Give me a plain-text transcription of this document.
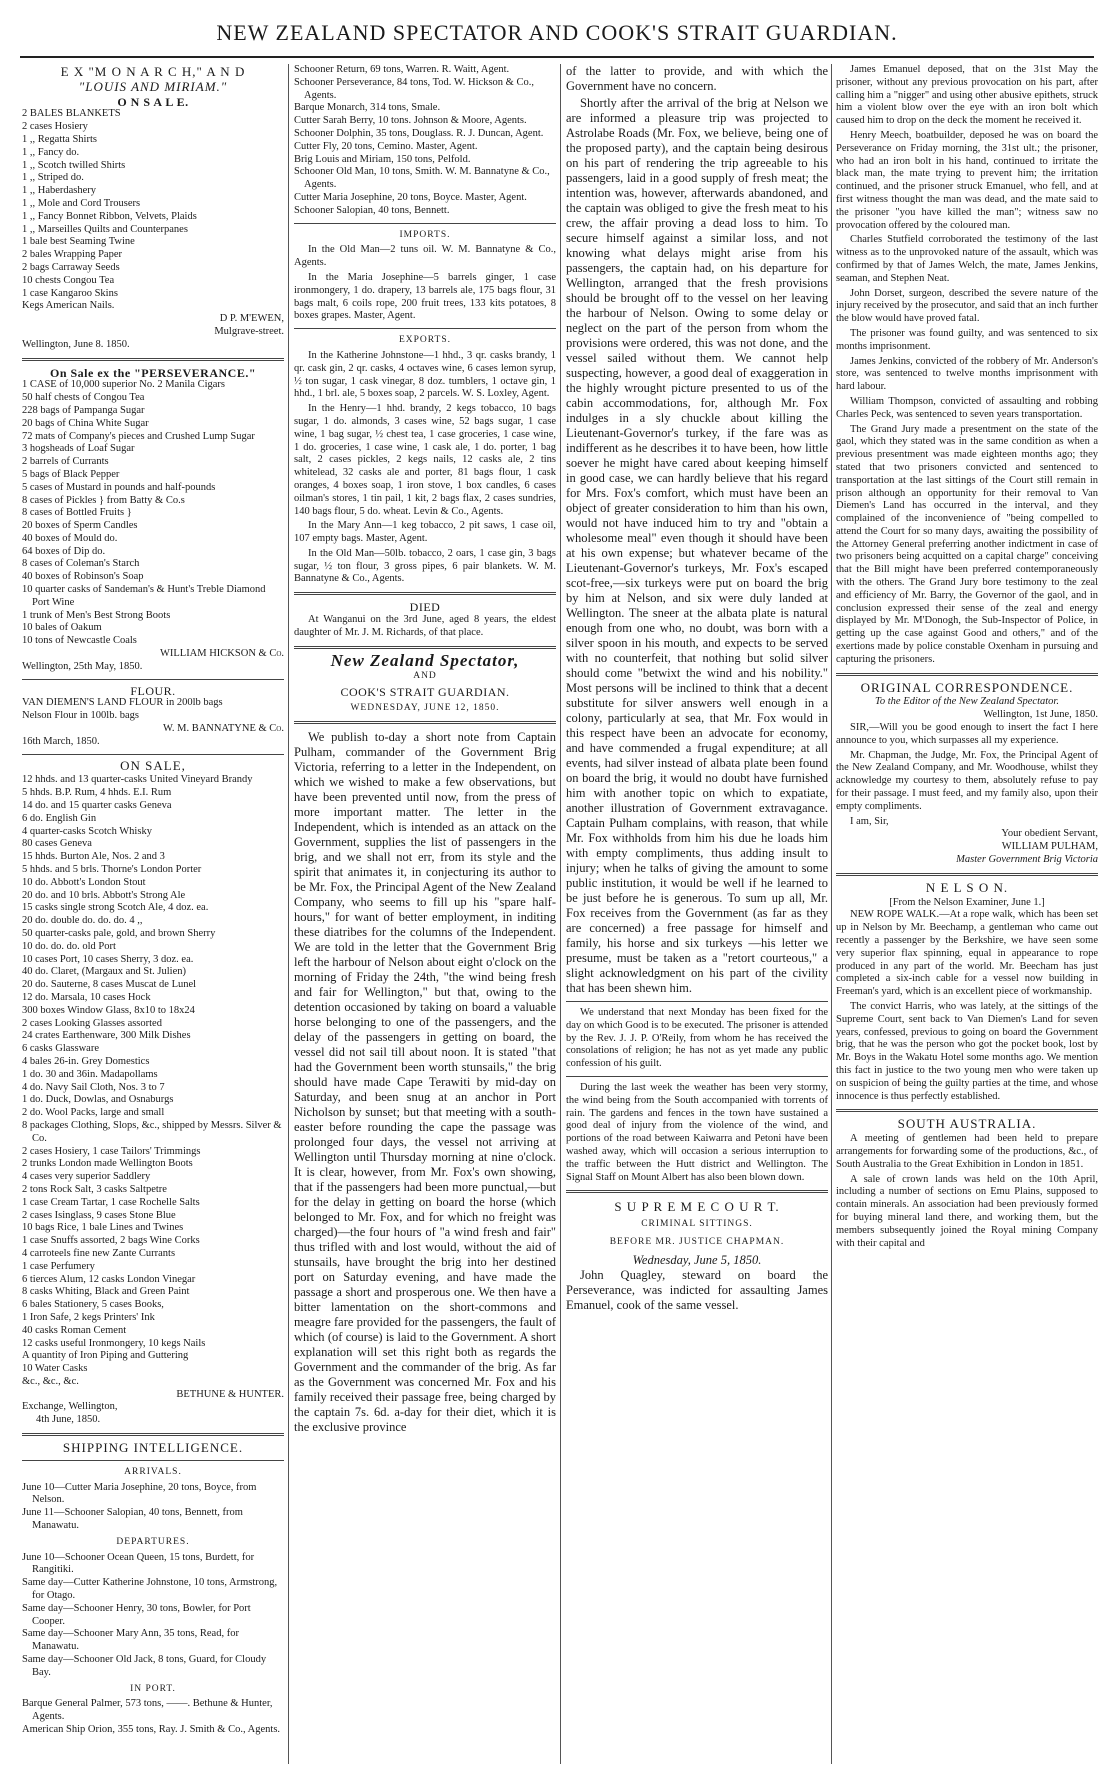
NEW ZEALAND SPECTATOR AND COOK'S STRAIT GUARDIAN.
E X "M O N A R C H," A N D
"LOUIS AND MIRIAM."
O N S A L E.
2 BALES BLANKETS
2 cases Hosiery
1 ,, Regatta Shirts
1 ,, Fancy do.
1 ,, Scotch twilled Shirts
1 ,, Striped do.
1 ,, Haberdashery
1 ,, Mole and Cord Trousers
1 ,, Fancy Bonnet Ribbon, Velvets, Plaids
1 ,, Marseilles Quilts and Counterpanes
1 bale best Seaming Twine
2 bales Wrapping Paper
2 bags Carraway Seeds
10 chests Congou Tea
1 case Kangaroo Skins
Kegs American Nails.
D P. M'EWEN,
Mulgrave-street.
Wellington, June 8. 1850.
On Sale ex the "PERSEVERANCE."
1 CASE of 10,000 superior No. 2 Manila Cigars
50 half chests of Congou Tea
228 bags of Pampanga Sugar
20 bags of China White Sugar
72 mats of Company's pieces and Crushed Lump Sugar
3 hogsheads of Loaf Sugar
2 barrels of Currants
5 bags of Black Pepper
5 cases of Mustard in pounds and half-pounds
8 cases of Pickles } from Batty & Co.s
8 cases of Bottled Fruits }
20 boxes of Sperm Candles
40 boxes of Mould do.
64 boxes of Dip do.
8 cases of Coleman's Starch
40 boxes of Robinson's Soap
10 quarter casks of Sandeman's & Hunt's Treble Diamond Port Wine
1 trunk of Men's Best Strong Boots
10 bales of Oakum
10 tons of Newcastle Coals
WILLIAM HICKSON & Co.
Wellington, 25th May, 1850.
FLOUR.
VAN DIEMEN'S LAND FLOUR in 200lb bags
Nelson Flour in 100lb. bags
W. M. BANNATYNE & Co.
16th March, 1850.
ON SALE,
12 hhds. and 13 quarter-casks United Vineyard Brandy
5 hhds. B.P. Rum, 4 hhds. E.I. Rum
14 do. and 15 quarter casks Geneva
6 do. English Gin
4 quarter-casks Scotch Whisky
80 cases Geneva
15 hhds. Burton Ale, Nos. 2 and 3
5 hhds. and 5 brls. Thorne's London Porter
10 do. Abbott's London Stout
20 do. and 10 brls. Abbott's Strong Ale
15 casks single strong Scotch Ale, 4 doz. ea.
20 do. double do. do. do. 4 ,,
50 quarter-casks pale, gold, and brown Sherry
10 do. do. do. old Port
10 cases Port, 10 cases Sherry, 3 doz. ea.
40 do. Claret, (Margaux and St. Julien)
20 do. Sauterne, 8 cases Muscat de Lunel
12 do. Marsala, 10 cases Hock
300 boxes Window Glass, 8x10 to 18x24
2 cases Looking Glasses assorted
24 crates Earthenware, 300 Milk Dishes
6 casks Glassware
4 bales 26-in. Grey Domestics
1 do. 30 and 36in. Madapollams
4 do. Navy Sail Cloth, Nos. 3 to 7
1 do. Duck, Dowlas, and Osnaburgs
2 do. Wool Packs, large and small
8 packages Clothing, Slops, &c., shipped by Messrs. Silver & Co.
2 cases Hosiery, 1 case Tailors' Trimmings
2 trunks London made Wellington Boots
4 cases very superior Saddlery
2 tons Rock Salt, 3 casks Saltpetre
1 case Cream Tartar, 1 case Rochelle Salts
2 cases Isinglass, 9 cases Stone Blue
10 bags Rice, 1 bale Lines and Twines
1 case Snuffs assorted, 2 bags Wine Corks
4 carroteels fine new Zante Currants
1 case Perfumery
6 tierces Alum, 12 casks London Vinegar
8 casks Whiting, Black and Green Paint
6 bales Stationery, 5 cases Books,
1 Iron Safe, 2 kegs Printers' Ink
40 casks Roman Cement
12 casks useful Ironmongery, 10 kegs Nails
A quantity of Iron Piping and Guttering
10 Water Casks
&c., &c., &c.
BETHUNE & HUNTER.
Exchange, Wellington,
4th June, 1850.
SHIPPING INTELLIGENCE.
ARRIVALS.
June 10—Cutter Maria Josephine, 20 tons, Boyce, from Nelson.
June 11—Schooner Salopian, 40 tons, Bennett, from Manawatu.
DEPARTURES.
June 10—Schooner Ocean Queen, 15 tons, Burdett, for Rangitiki.
Same day—Cutter Katherine Johnstone, 10 tons, Armstrong, for Otago.
Same day—Schooner Henry, 30 tons, Bowler, for Port Cooper.
Same day—Schooner Mary Ann, 35 tons, Read, for Manawatu.
Same day—Schooner Old Jack, 8 tons, Guard, for Cloudy Bay.
IN PORT.
Barque General Palmer, 573 tons, ——. Bethune & Hunter, Agents.
American Ship Orion, 355 tons, Ray. J. Smith & Co., Agents.
Schooner Return, 69 tons, Warren. R. Waitt, Agent.
Schooner Perseverance, 84 tons, Tod. W. Hickson & Co., Agents.
Barque Monarch, 314 tons, Smale.
Cutter Sarah Berry, 10 tons. Johnson & Moore, Agents.
Schooner Dolphin, 35 tons, Douglass. R. J. Duncan, Agent.
Cutter Fly, 20 tons, Cemino. Master, Agent.
Brig Louis and Miriam, 150 tons, Pelfold.
Schooner Old Man, 10 tons, Smith. W. M. Bannatyne & Co., Agents.
Cutter Maria Josephine, 20 tons, Boyce. Master, Agent.
Schooner Salopian, 40 tons, Bennett.
IMPORTS.
In the Old Man—2 tuns oil. W. M. Bannatyne & Co., Agents.
In the Maria Josephine—5 barrels ginger, 1 case ironmongery, 1 do. drapery, 13 barrels ale, 175 bags flour, 31 bags malt, 6 coils rope, 200 fruit trees, 133 kits potatoes, 8 boxes grapes. Master, Agent.
EXPORTS.
In the Katherine Johnstone—1 hhd., 3 qr. casks brandy, 1 qr. cask gin, 2 qr. casks, 4 octaves wine, 6 cases lemon syrup, ½ ton sugar, 1 cask vinegar, 8 doz. tumblers, 1 octave gin, 1 hhd., 1 brl. ale, 5 boxes soap, 2 parcels. W. S. Loxley, Agent.
In the Henry—1 hhd. brandy, 2 kegs tobacco, 10 bags sugar, 1 do. almonds, 3 cases wine, 52 bags sugar, 1 case wine, 1 bag sugar, ½ chest tea, 1 case groceries, 1 case wine, 1 do. groceries, 1 case wine, 1 cask ale, 1 do. porter, 1 bag salt, 2 cases pickles, 2 kegs nails, 12 casks ale, 2 tins whitelead, 32 casks ale and porter, 81 bags flour, 1 cask oranges, 4 boxes soap, 1 iron stove, 1 box candles, 6 cases oilman's stores, 1 tin pail, 1 kit, 2 bags flax, 2 cases sundries, 140 bags flour, 5 do. wheat. Levin & Co., Agents.
In the Mary Ann—1 keg tobacco, 2 pit saws, 1 case oil, 107 empty bags. Master, Agent.
In the Old Man—50lb. tobacco, 2 oars, 1 case gin, 3 bags sugar, ½ ton flour, 3 gross pipes, 6 pair blankets. W. M. Bannatyne & Co., Agents.
DIED
At Wanganui on the 3rd June, aged 8 years, the eldest daughter of Mr. J. M. Richards, of that place.
New Zealand Spectator,
AND
COOK'S STRAIT GUARDIAN.
WEDNESDAY, JUNE 12, 1850.
We publish to-day a short note from Captain Pulham, commander of the Government Brig Victoria, referring to a letter in the Independent, on which we wished to make a few observations, but have been prevented until now, from the press of more important matter. The letter in the Independent, which is intended as an attack on the Government, supplies the list of passengers in the brig, and we shall not err, from its style and the spirit that animates it, in conjecturing its author to be Mr. Fox, the Principal Agent of the New Zealand Company, who seems to fill up his "spare half-hours," for want of better employment, in inditing these diatribes for the columns of the Independent. We are told in the letter that the Government Brig left the harbour of Nelson about eight o'clock on the morning of Friday the 24th, "the wind being fresh and fair for Wellington," but that, owing to the detention occasioned by taking on board a valuable horse belonging to one of the passengers, and the delay of the passengers in getting on board, the vessel did not sail till about noon. It is stated "that had the Government been worth stunsails," the brig should have made Cape Terawiti by mid-day on Saturday, and been snug at an anchor in Port Nicholson by sunset; but that meeting with a south-easter before rounding the cape the passage was prolonged four days, the vessel not arriving at Wellington until Thursday morning at nine o'clock. It is clear, however, from Mr. Fox's own showing, that if the passengers had been more punctual,—but for the delay in getting on board the horse (which belonged to Mr. Fox, and for which no freight was charged)—the four hours of "a wind fresh and fair" thus trifled with and lost would, without the aid of stunsails, have brought the brig into her destined port on Saturday evening, and have made the passage a short and prosperous one. We then have a bitter lamentation on the short-commons and meagre fare provided for the passengers, the fault of which (of course) is laid to the Government. A short explanation will set this right both as regards the Government and the commander of the brig. As far as the Government was concerned Mr. Fox and his family received their passage free, being charged by the captain 7s. 6d. a-day for their diet, which it is the exclusive province
of the latter to provide, and with which the Government have no concern.
Shortly after the arrival of the brig at Nelson we are informed a pleasure trip was projected to Astrolabe Roads (Mr. Fox, we believe, being one of the proposed party), and the captain being desirous on his part of rendering the trip agreeable to his passengers, laid in a good supply of fresh meat; the intention was, however, afterwards abandoned, and the captain was obliged to give the fresh meat to his crew, the affair proving a dead loss to him. To secure himself against a similar loss, and not knowing what delays might arise from his passengers, the captain had, on his departure for Wellington, arranged that the fresh provisions should be brought off to the vessel on her leaving the harbour of Nelson. Owing to some delay or neglect on the part of the person from whom the provisions were ordered, this was not done, and the vessel sailed without them. We cannot help suspecting, however, a good deal of exaggeration in the highly wrought picture presented to us of the cabin accommodations, for, although Mr. Fox indulges in a sly chuckle about killing the Lieutenant-Governor's turkey, if the fare was as indifferent as he describes it to have been, how little soever he might have cared about keeping himself in good case, we can hardly believe that his regard for Mrs. Fox's comfort, which must have been an object of greater consideration to him than his own, would not have induced him to try and "obtain a wholesome meal" even though it should have been at his own expense; but whatever became of the Lieutenant-Governor's turkeys, Mr. Fox's escaped scot-free,—six turkeys were put on board the brig by him at Nelson, and six were duly landed at Wellington. The sneer at the albata plate is natural enough from one who, no doubt, was born with a silver spoon in his mouth, and expects to be served with no counterfeit, that nothing but solid silver should come "betwixt the wind and his nobility." Most persons will be inclined to think that a decent substitute for silver answers well enough in a colony, particularly at sea, that Mr. Fox would in this respect have been an advocate for economy, and have commended a frugal expenditure; at all events, had silver instead of albata plate been found on board the brig, it would no doubt have furnished him with another topic on which to expatiate, another illustration of Government extravagance. Captain Pulham complains, with reason, that while Mr. Fox withholds from him his due he loads him with empty compliments, thus adding insult to injury; when he talks of giving the amount to some public institution, it would be well if he learned to be just before he is generous. To sum up all, Mr. Fox receives from the Government (as far as they are concerned) a free passage for himself and family, his horse and six turkeys —his letter we presume, must be taken as a "retort courteous," a slight acknowledgment on his part of the civility that has been shewn him.
We understand that next Monday has been fixed for the day on which Good is to be executed. The prisoner is attended by the Rev. J. J. P. O'Reily, from whom he has received the consolations of religion; he has not as yet made any public confession of his guilt.
During the last week the weather has been very stormy, the wind being from the South accompanied with torrents of rain. The gardens and fences in the town have sustained a good deal of injury from the violence of the wind, and portions of the road between Kaiwarra and Petoni have been washed away, which will occasion a serious interruption to the traffic between the Hutt district and Wellington. The Signal Staff on Mount Albert has also been blown down.
S U P R E M E C O U R T.
CRIMINAL SITTINGS.
BEFORE MR. JUSTICE CHAPMAN.
Wednesday, June 5, 1850.
John Quagley, steward on board the Perseverance, was indicted for assaulting James Emanuel, cook of the same vessel.
James Emanuel deposed, that on the 31st May the prisoner, without any previous provocation on his part, after calling him a "nigger" and using other abusive epithets, struck him a violent blow over the eye with an iron bolt which caused him to drop on the deck the moment he received it.
Henry Meech, boatbuilder, deposed he was on board the Perseverance on Friday morning, the 31st ult.; the prisoner, who had an iron bolt in his hand, continued to irritate the black man, the mate trying to prevent him; the irritation continued, and the prisoner struck Emanuel, who fell, and at first witness thought the man was dead, and the mate said to the prisoner "you have killed the man"; witness saw no provocation offered by the coloured man.
Charles Stutfield corroborated the testimony of the last witness as to the unprovoked nature of the assault, which was confirmed by that of James Welch, the mate, James Jenkins, seaman, and Stephen Neat.
John Dorset, surgeon, described the severe nature of the injury received by the prosecutor, and said that an inch further the blow would have proved fatal.
The prisoner was found guilty, and was sentenced to six months imprisonment.
James Jenkins, convicted of the robbery of Mr. Anderson's store, was sentenced to twelve months imprisonment with hard labour.
William Thompson, convicted of assaulting and robbing Charles Peck, was sentenced to seven years transportation.
The Grand Jury made a presentment on the state of the gaol, which they stated was in the same condition as when a previous presentment was made eighteen months ago; they stated that two prisoners convicted and sentenced to transportation at the last sittings of the Court still remain in prison although an opportunity for their removal to Van Diemen's Land has occurred in the interval, and they complained of the inconvenience of "being compelled to attend the Court for so many days, awaiting the possibility of the Attorney General preferring another indictment in case of two prisoners being acquitted on a capital charge" conceiving that the Bill might have been preferred contemporaneously with the others. The Grand Jury bore testimony to the zeal and efficiency of Mr. Barry, the Governor of the gaol, and in conclusion expressed their sense of the zeal and energy displayed by Mr. M'Donogh, the Sub-Inspector of Police, in getting up the case against Good and others," and of the exertions made by police constable Oxenham in pursuing and capturing the prisoners.
ORIGINAL CORRESPONDENCE.
To the Editor of the New Zealand Spectator.
Wellington, 1st June, 1850.
SIR,—Will you be good enough to insert the fact I here announce to you, which surpasses all my experience.
Mr. Chapman, the Judge, Mr. Fox, the Principal Agent of the New Zealand Company, and Mr. Woodhouse, whilst they acknowledge my courtesy to them, absolutely refuse to pay for their passage. I must feed, and my family also, upon their empty compliments.
I am, Sir,
Your obedient Servant,
WILLIAM PULHAM,
Master Government Brig Victoria
N E L S O N.
[From the Nelson Examiner, June 1.]
NEW ROPE WALK.—At a rope walk, which has been set up in Nelson by Mr. Beechamp, a gentleman who came out recently a passenger by the Berkshire, we have seen some very superior flax spinning, equal in appearance to rope produced in any part of the world. Mr. Beecham has just completed a six-inch cable for a vessel now building in Freeman's yard, which is an excellent piece of workmanship.
The convict Harris, who was lately, at the sittings of the Supreme Court, sent back to Van Diemen's Land for seven years, confessed, previous to going on board the Government brig, that he was the person who got the pocket book, lost by Mr. Boys in the Wakatu Hotel some months ago. We mention this fact in justice to the two young men who were taken up on suspicion of being the guilty parties at the time, and whose innocence is thus perfectly established.
SOUTH AUSTRALIA.
A meeting of gentlemen had been held to prepare arrangements for forwarding some of the productions, &c., of South Australia to the Great Exhibition in London in 1851.
A sale of crown lands was held on the 10th April, including a number of sections on Emu Plains, supposed to contain minerals. An association had been previously formed for buying mineral land there, and working them, but the members subsequently joined the Royal mining Company with their capital and
